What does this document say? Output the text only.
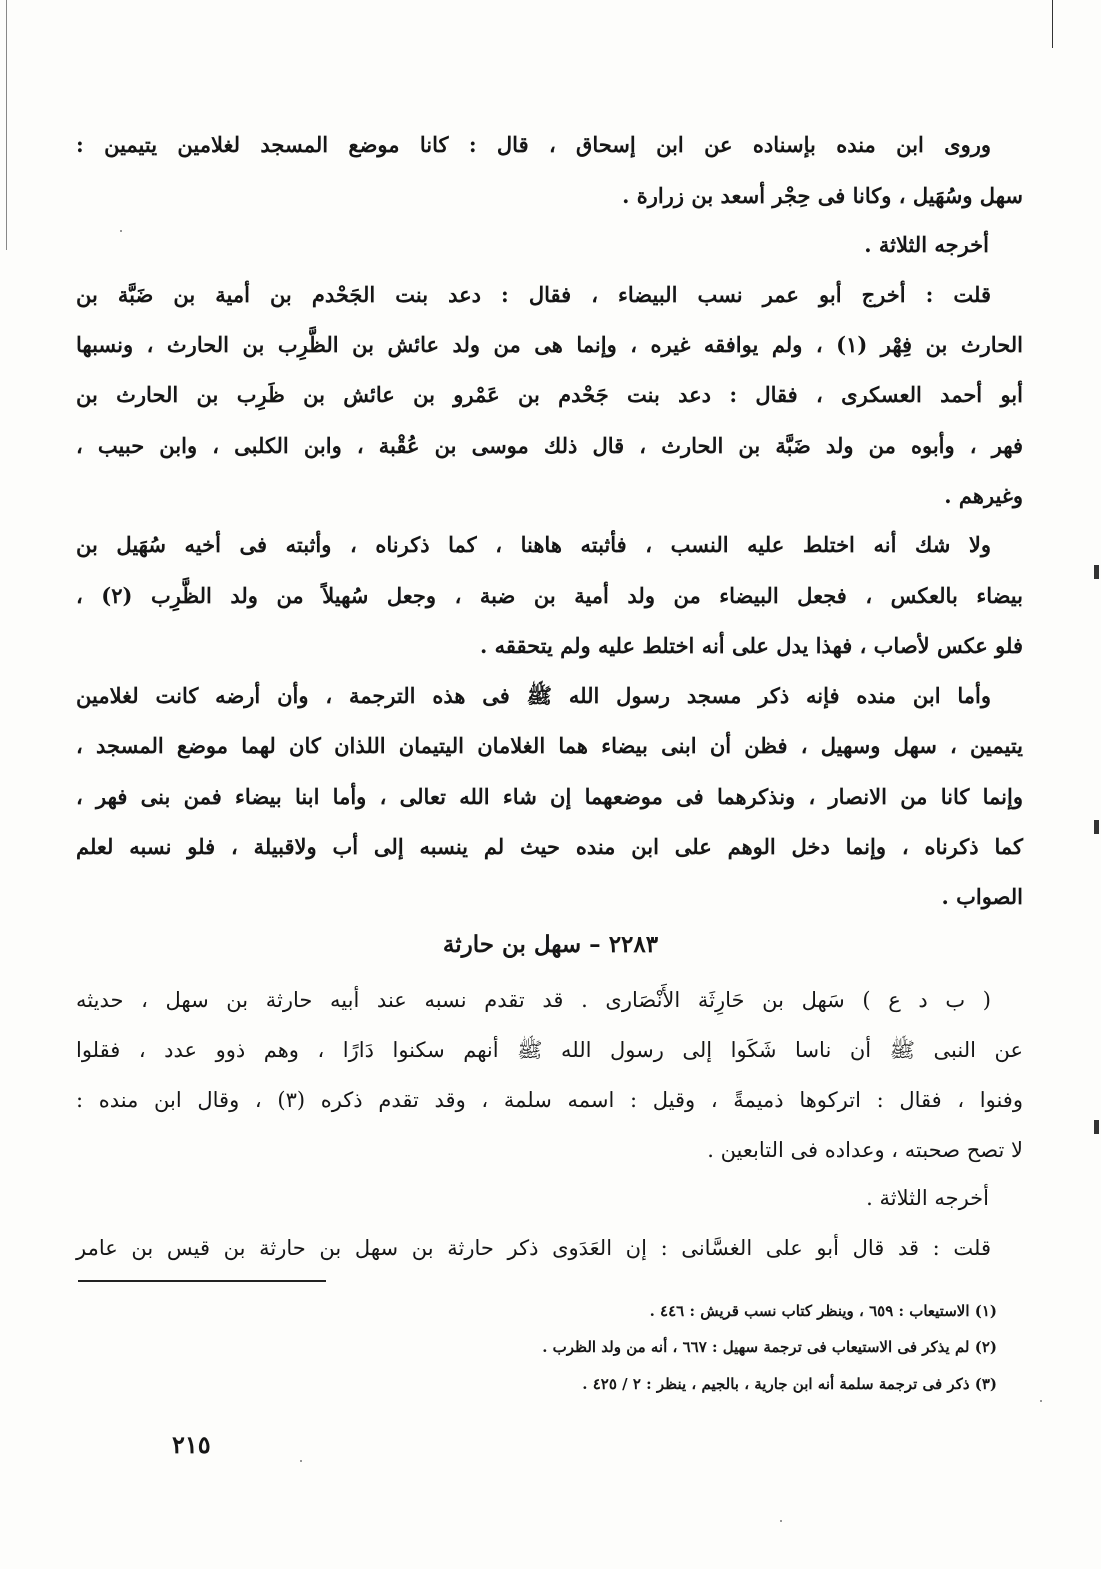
وروى ابن منده بإسناده عن ابن إسحاق ، قال : كانا موضع المسجد لغلامين يتيمين :
سهل وسُهَيل ، وكانا فى حِجْر أسعد بن زرارة .
أخرجه الثلاثة .
قلت : أخرج أبو عمر نسب البيضاء ، فقال : دعد بنت الجَحْدم بن أمية بن ضَبَّة بن
الحارث بن فِهْر (١) ، ولم يوافقه غيره ، وإنما هى من ولد عائش بن الظَّرِب بن الحارث ، ونسبها
أبو أحمد العسكرى ، فقال : دعد بنت جَحْدم بن عَمْرو بن عائش بن ظَرِب بن الحارث بن
فهر ، وأبوه من ولد ضَبَّة بن الحارث ، قال ذلك موسى بن عُقْبة ، وابن الكلبى ، وابن حبيب ،
وغيرهم .
ولا شك أنه اختلط عليه النسب ، فأثبته هاهنا ، كما ذكرناه ، وأثبته فى أخيه سُهَيل بن
بيضاء بالعكس ، فجعل البيضاء من ولد أمية بن ضبة ، وجعل سُهيلاً من ولد الظَّرِب (٢) ،
فلو عكس لأصاب ، فهذا يدل على أنه اختلط عليه ولم يتحققه .
وأما ابن منده فإنه ذكر مسجد رسول الله ﷺ فى هذه الترجمة ، وأن أرضه كانت لغلامين
يتيمين ، سهل وسهيل ، فظن أن ابنى بيضاء هما الغلامان اليتيمان اللذان كان لهما موضع المسجد ،
وإنما كانا من الانصار ، ونذكرهما فى موضعهما إن شاء الله تعالى ، وأما ابنا بيضاء فمن بنى فهر ،
كما ذكرناه ، وإنما دخل الوهم على ابن منده حيث لم ينسبه إلى أب ولاقبيلة ، فلو نسبه لعلم
الصواب .
٢٢٨٣ – سهل بن حارثة
( ب د ع ) سَهل بن حَارِثَة الأَنْصَارى . قد تقدم نسبه عند أبيه حارثة بن سهل ، حديثه
عن النبى ﷺ أن ناسا شَكَوا إلى رسول الله ﷺ أنهم سكنوا دَارًا ، وهم ذوو عدد ، فقلوا
وفنوا ، فقال : اتركوها ذميمةً ، وقيل : اسمه سلمة ، وقد تقدم ذكره (٣) ، وقال ابن منده :
لا تصح صحبته ، وعداده فى التابعين .
أخرجه الثلاثة .
قلت : قد قال أبو على الغسَّانى : إن العَدَوى ذكر حارثة بن سهل بن حارثة بن قيس بن عامر
(١) الاستيعاب : ٦٥٩ ، وينظر كتاب نسب قريش : ٤٤٦ .
(٢) لم يذكر فى الاستيعاب فى ترجمة سهيل : ٦٦٧ ، أنه من ولد الظرب .
(٣) ذكر فى ترجمة سلمة أنه ابن جارية ، بالجيم ، ينظر : ٢ / ٤٢٥ .
٢١٥
